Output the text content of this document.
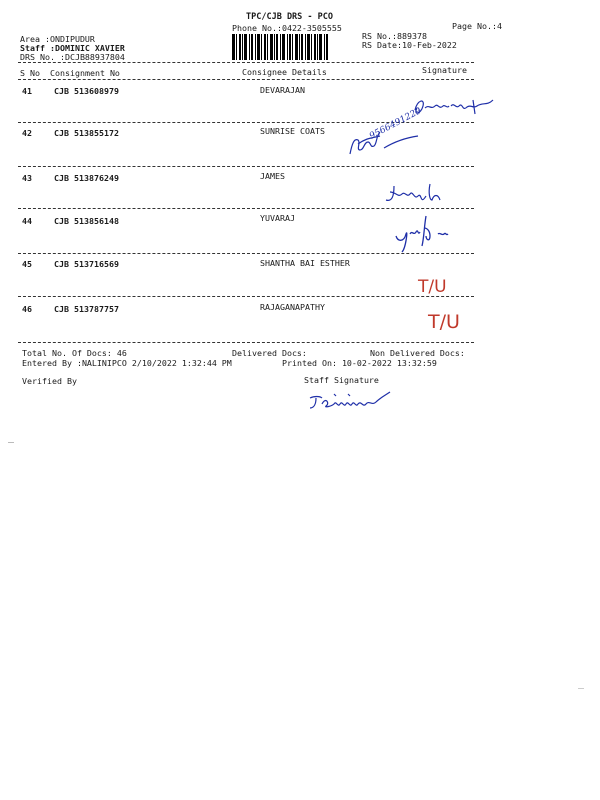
TPC/CJB DRS - PCO
Phone No.:0422-3505555	Page No.:4
Area :ONDIPUDUR
Staff :DOMINIC XAVIER
DRS No. :DCJB88937804
RS No.:889378
RS Date:10-Feb-2022
S No Consignment No	Consignee Details	Signature
41	CJB 513608979	DEVARAJAN
42	CJB 513855172	SUNRISE COATS	9566491229
43	CJB 513876249	JAMES
44	CJB 513856148	YUVARAJ
45	CJB 513716569	SHANTHA BAI ESTHER
T/U
46	CJB 513787757	RAJAGANAPATHY
T/U
Total No. Of Docs: 46	Delivered Docs:	Non Delivered Docs:
Entered By :NALINIPCO 2/10/2022 1:32:44 PM	Printed On: 10-02-2022 13:32:59
Verified By	Staff Signature
